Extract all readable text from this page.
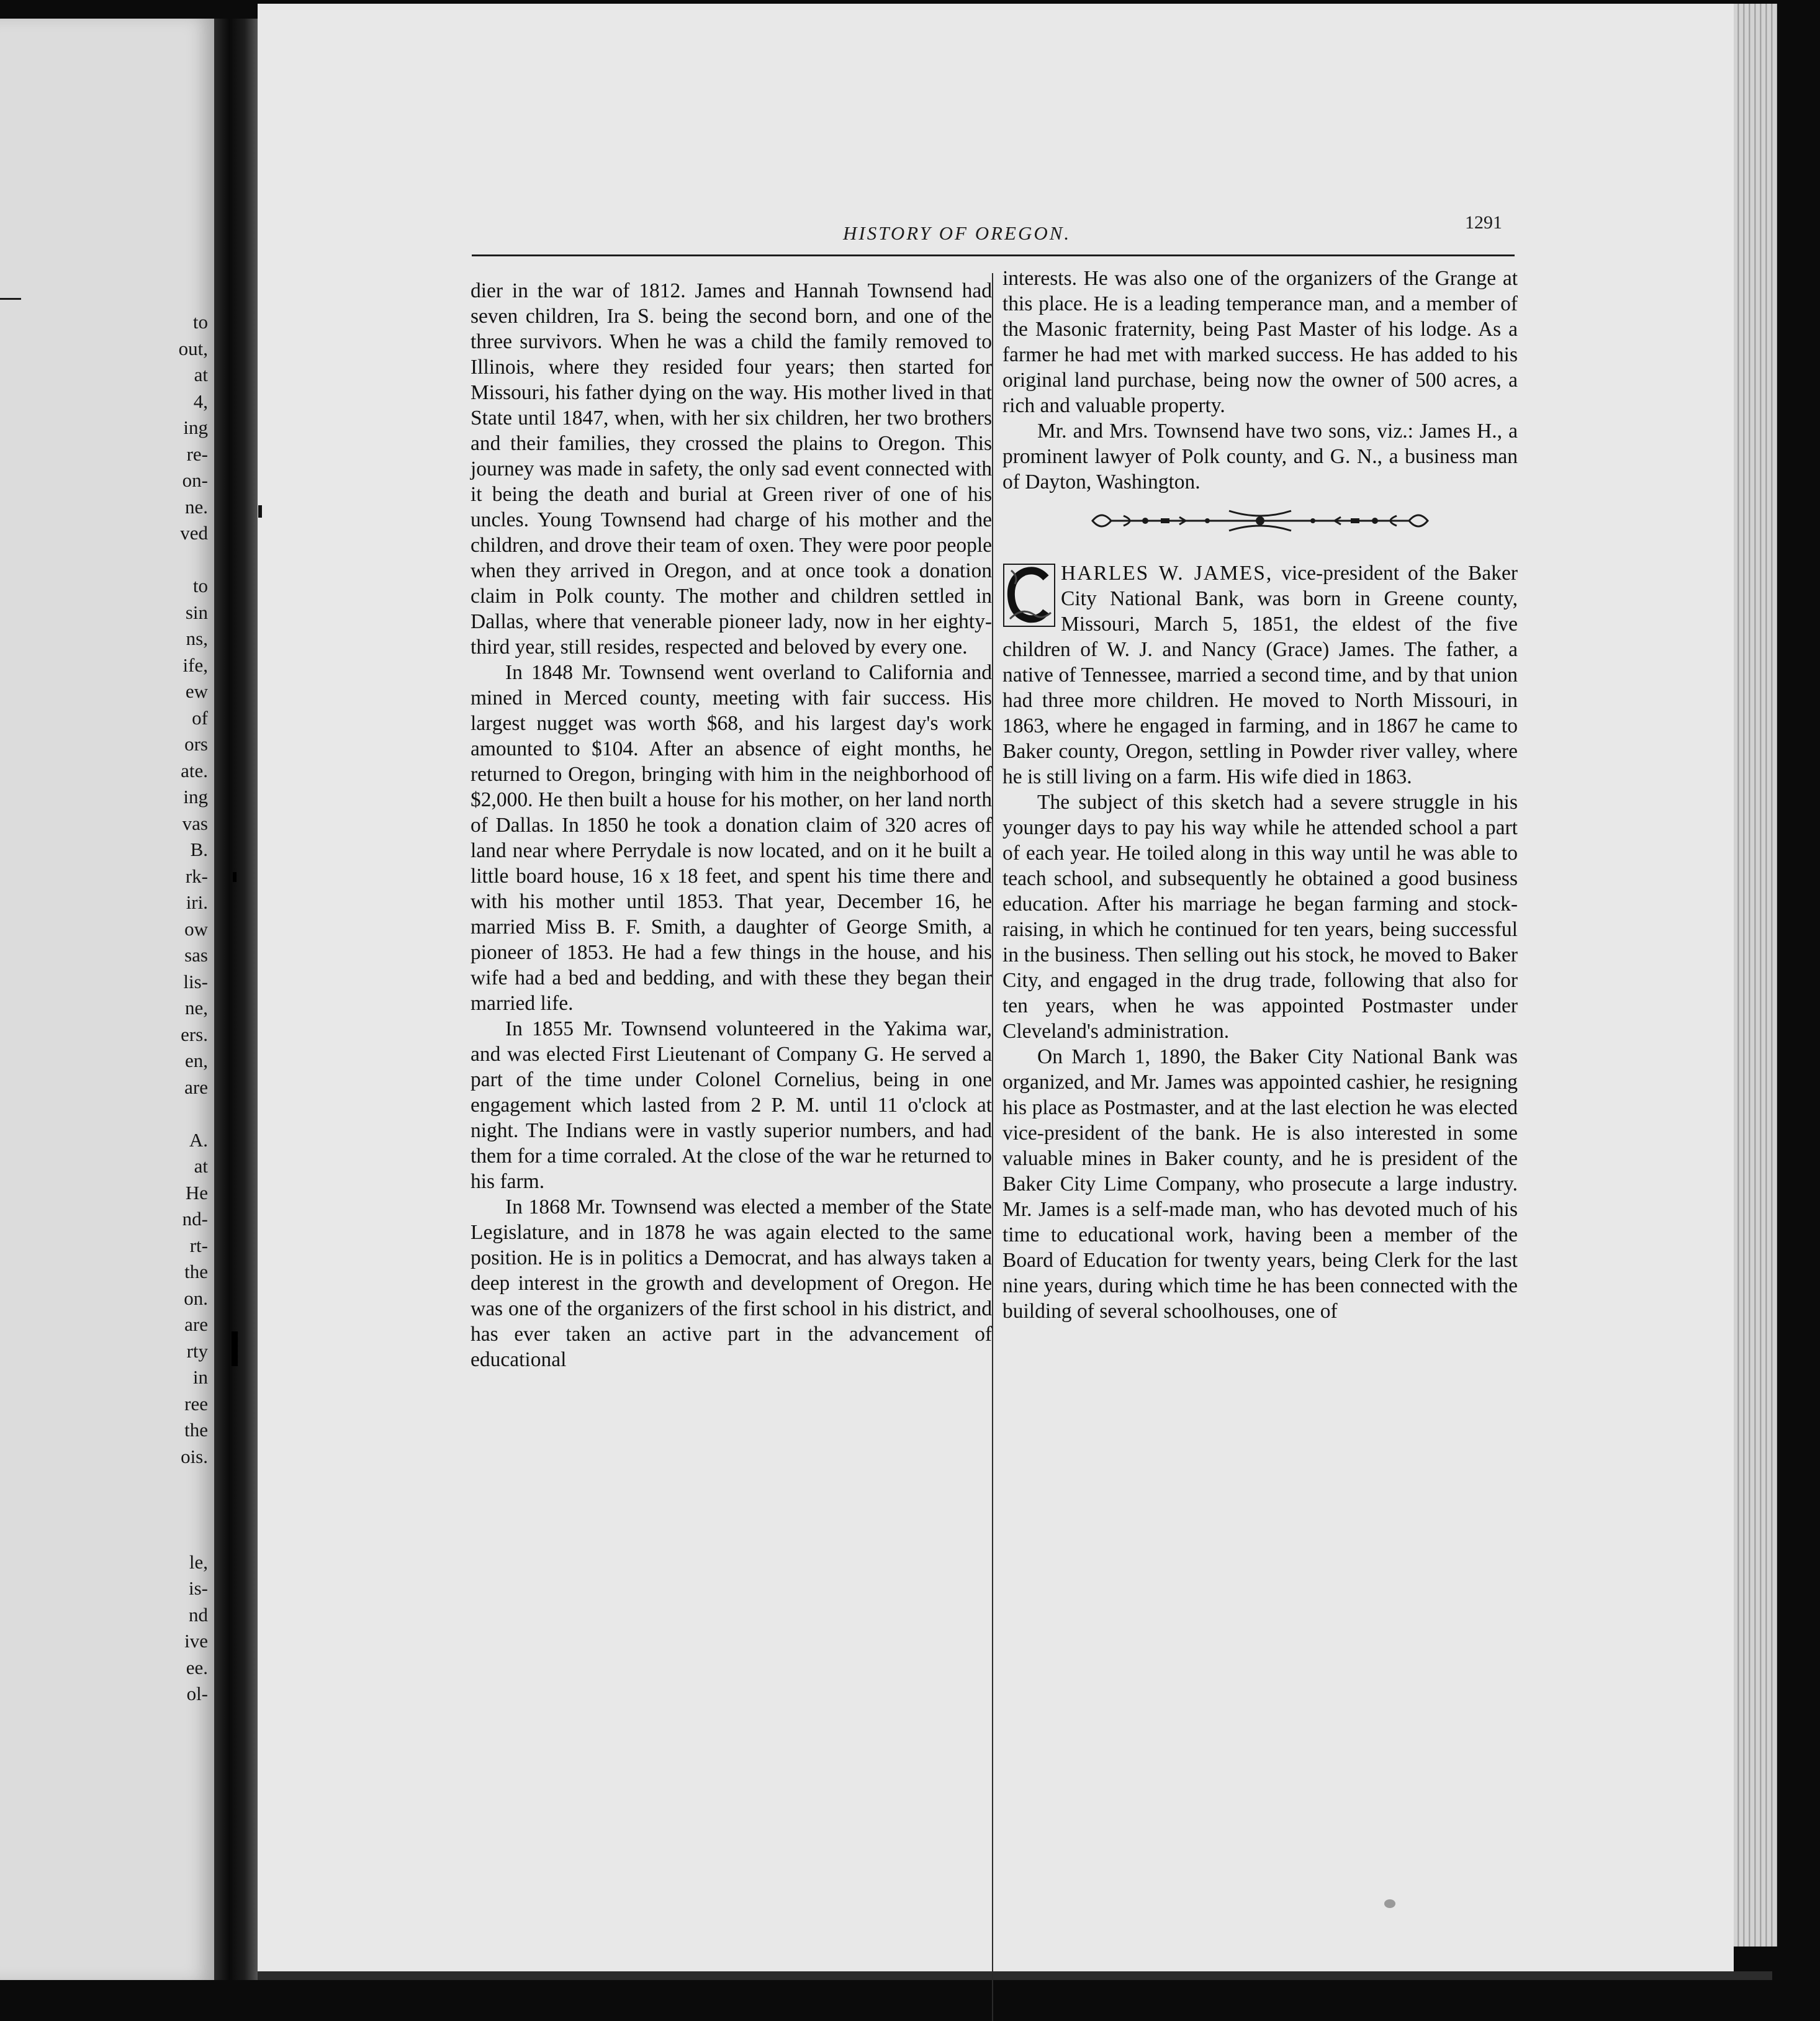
to
out,
at
4,
ing
re-
on-
ne.
ved
to
sin
ns,
ife,
ew
of
ors
ate.
ing
vas
B.
rk-
iri.
ow
sas
lis-
ne,
ers.
en,
are
A.
at
He
nd-
rt-
the
on.
are
rty
in
ree
the
ois.
le,
is-
nd
ive
ee.
ol-
HISTORY OF OREGON.	1291

dier in the war of 1812. James and Hannah Townsend had seven children, Ira S. being the second born, and one of the three survivors. When he was a child the family removed to Illinois, where they resided four years; then started for Missouri, his father dying on the way. His mother lived in that State until 1847, when, with her six children, her two brothers and their families, they crossed the plains to Oregon. This journey was made in safety, the only sad event connected with it being the death and burial at Green river of one of his uncles. Young Townsend had charge of his mother and the children, and drove their team of oxen. They were poor people when they arrived in Oregon, and at once took a donation claim in Polk county. The mother and children settled in Dallas, where that venerable pioneer lady, now in her eighty-third year, still resides, respected and beloved by every one.

In 1848 Mr. Townsend went overland to California and mined in Merced county, meeting with fair success. His largest nugget was worth $68, and his largest day's work amounted to $104. After an absence of eight months, he returned to Oregon, bringing with him in the neighborhood of $2,000. He then built a house for his mother, on her land north of Dallas. In 1850 he took a donation claim of 320 acres of land near where Perrydale is now located, and on it he built a little board house, 16 x 18 feet, and spent his time there and with his mother until 1853. That year, December 16, he married Miss B. F. Smith, a daughter of George Smith, a pioneer of 1853. He had a few things in the house, and his wife had a bed and bedding, and with these they began their married life.

In 1855 Mr. Townsend volunteered in the Yakima war, and was elected First Lieutenant of Company G. He served a part of the time under Colonel Cornelius, being in one engagement which lasted from 2 P. M. until 11 o'clock at night. The Indians were in vastly superior numbers, and had them for a time corraled. At the close of the war he returned to his farm.

In 1868 Mr. Townsend was elected a member of the State Legislature, and in 1878 he was again elected to the same position. He is in politics a Democrat, and has always taken a deep interest in the growth and development of Oregon. He was one of the organizers of the first school in his district, and has ever taken an active part in the advancement of educational

interests. He was also one of the organizers of the Grange at this place. He is a leading temperance man, and a member of the Masonic fraternity, being Past Master of his lodge. As a farmer he had met with marked success. He has added to his original land purchase, being now the owner of 500 acres, a rich and valuable property.

Mr. and Mrs. Townsend have two sons, viz.: James H., a prominent lawyer of Polk county, and G. N., a business man of Dayton, Washington.

HARLES W. JAMES, vice-president of the Baker City National Bank, was born in Greene county, Missouri, March 5, 1851, the eldest of the five children of W. J. and Nancy (Grace) James. The father, a native of Tennessee, married a second time, and by that union had three more children. He moved to North Missouri, in 1863, where he engaged in farming, and in 1867 he came to Baker county, Oregon, settling in Powder river valley, where he is still living on a farm. His wife died in 1863.

The subject of this sketch had a severe struggle in his younger days to pay his way while he attended school a part of each year. He toiled along in this way until he was able to teach school, and subsequently he obtained a good business education. After his marriage he began farming and stock-raising, in which he continued for ten years, being successful in the business. Then selling out his stock, he moved to Baker City, and engaged in the drug trade, following that also for ten years, when he was appointed Postmaster under Cleveland's administration.

On March 1, 1890, the Baker City National Bank was organized, and Mr. James was appointed cashier, he resigning his place as Postmaster, and at the last election he was elected vice-president of the bank. He is also interested in some valuable mines in Baker county, and he is president of the Baker City Lime Company, who prosecute a large industry. Mr. James is a self-made man, who has devoted much of his time to educational work, having been a member of the Board of Education for twenty years, being Clerk for the last nine years, during which time he has been connected with the building of several schoolhouses, one of
